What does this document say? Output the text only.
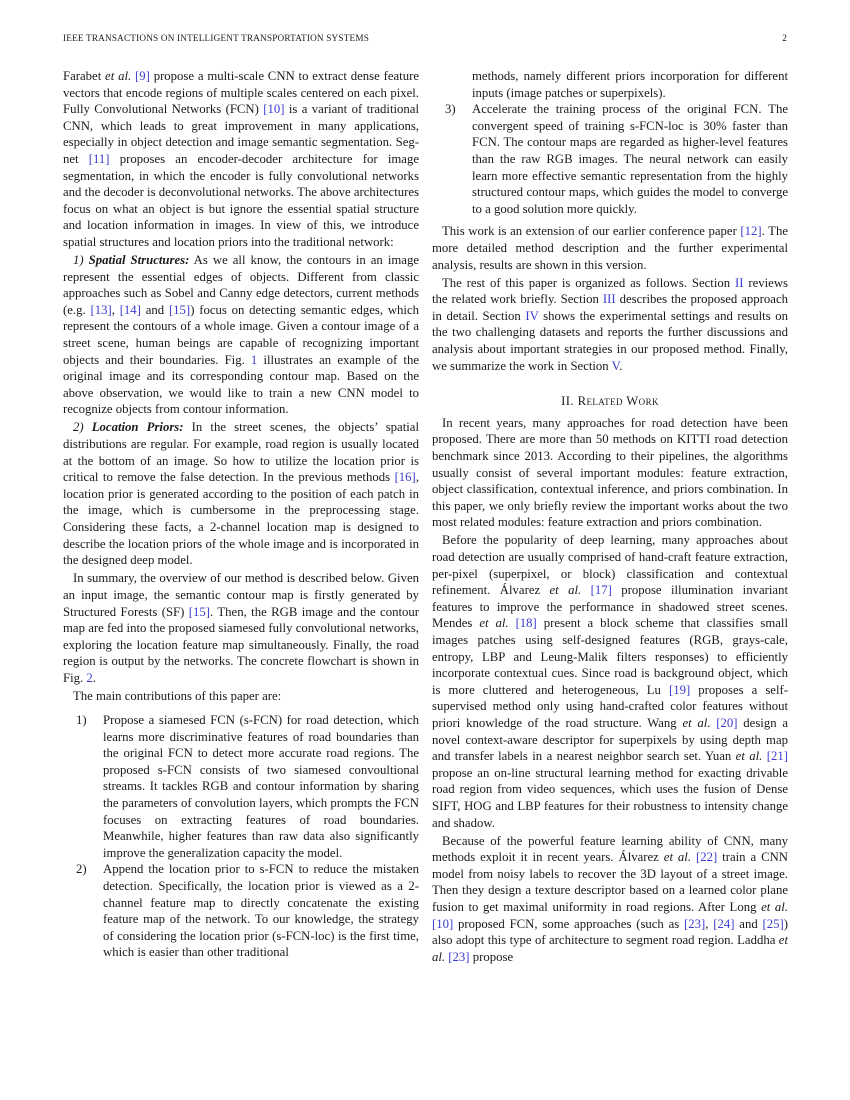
IEEE TRANSACTIONS ON INTELLIGENT TRANSPORTATION SYSTEMS	2
Farabet et al. [9] propose a multi-scale CNN to extract dense feature vectors that encode regions of multiple scales centered on each pixel. Fully Convolutional Networks (FCN) [10] is a variant of traditional CNN, which leads to great improvement in many applications, especially in object detection and image semantic segmentation. Seg-net [11] proposes an encoder-decoder architecture for image segmentation, in which the encoder is fully convolutional networks and the decoder is deconvolutional networks. The above architectures focus on what an object is but ignore the essential spatial structure and location information in images. In view of this, we introduce spatial structures and location priors into the traditional network:
1) Spatial Structures: As we all know, the contours in an image represent the essential edges of objects. Different from classic approaches such as Sobel and Canny edge detectors, current methods (e.g. [13], [14] and [15]) focus on detecting semantic edges, which represent the contours of a whole image. Given a contour image of a street scene, human beings are capable of recognizing important objects and their boundaries. Fig. 1 illustrates an example of the original image and its corresponding contour map. Based on the above observation, we would like to train a new CNN model to recognize objects from contour information.
2) Location Priors: In the street scenes, the objects’ spatial distributions are regular. For example, road region is usually located at the bottom of an image. So how to utilize the location prior is critical to remove the false detection. In the previous methods [16], location prior is generated according to the position of each patch in the image, which is cumbersome in the preprocessing stage. Considering these facts, a 2-channel location map is designed to describe the location priors of the whole image and is incorporated in the designed deep model.
In summary, the overview of our method is described below. Given an input image, the semantic contour map is firstly generated by Structured Forests (SF) [15]. Then, the RGB image and the contour map are fed into the proposed siamesed fully convolutional networks, exploring the location feature map simultaneously. Finally, the road region is output by the networks. The concrete flowchart is shown in Fig. 2.
The main contributions of this paper are:
1) Propose a siamesed FCN (s-FCN) for road detection, which learns more discriminative features of road boundaries than the original FCN to detect more accurate road regions. The proposed s-FCN consists of two siamesed convoultional streams. It tackles RGB and contour information by sharing the parameters of convolution layers, which prompts the FCN focuses on extracting features of road boundaries. Meanwhile, higher features than raw data also significantly improve the generalization capacity the model.
2) Append the location prior to s-FCN to reduce the mistaken detection. Specifically, the location prior is viewed as a 2-channel feature map to directly concatenate the existing feature map of the network. To our knowledge, the strategy of considering the location prior (s-FCN-loc) is the first time, which is easier than other traditional
methods, namely different priors incorporation for different inputs (image patches or superpixels).
3) Accelerate the training process of the original FCN. The convergent speed of training s-FCN-loc is 30% faster than FCN. The contour maps are regarded as higher-level features than the raw RGB images. The neural network can easily learn more effective semantic representation from the highly structured contour maps, which guides the model to converge to a good solution more quickly.
This work is an extension of our earlier conference paper [12]. The more detailed method description and the further experimental analysis, results are shown in this version.
The rest of this paper is organized as follows. Section II reviews the related work briefly. Section III describes the proposed approach in detail. Section IV shows the experimental settings and results on the two challenging datasets and reports the further discussions and analysis about important strategies in our proposed method. Finally, we summarize the work in Section V.
II. Related Work
In recent years, many approaches for road detection have been proposed. There are more than 50 methods on KITTI road detection benchmark since 2013. According to their pipelines, the algorithms usually consist of several important modules: feature extraction, object classification, contextual inference, and priors combination. In this paper, we only briefly review the important works about the two most related modules: feature extraction and priors combination.
Before the popularity of deep learning, many approaches about road detection are usually comprised of hand-craft feature extraction, per-pixel (superpixel, or block) classification and contextual refinement. Álvarez et al. [17] propose illumination invariant features to improve the performance in shadowed street scenes. Mendes et al. [18] present a block scheme that classifies small images patches using self-designed features (RGB, grays-cale, entropy, LBP and Leung-Malik filters responses) to efficiently incorporate contextual cues. Since road is background object, which is more cluttered and heterogeneous, Lu [19] proposes a self-supervised method only using hand-crafted color features without priori knowledge of the road structure. Wang et al. [20] design a novel context-aware descriptor for superpixels by using depth map and transfer labels in a nearest neighbor search set. Yuan et al. [21] propose an on-line structural learning method for exacting drivable road region from video sequences, which uses the fusion of Dense SIFT, HOG and LBP features for their robustness to intensity change and shadow.
Because of the powerful feature learning ability of CNN, many methods exploit it in recent years. Álvarez et al. [22] train a CNN model from noisy labels to recover the 3D layout of a street image. Then they design a texture descriptor based on a learned color plane fusion to get maximal uniformity in road regions. After Long et al. [10] proposed FCN, some approaches (such as [23], [24] and [25]) also adopt this type of architecture to segment road region. Laddha et al. [23] propose
